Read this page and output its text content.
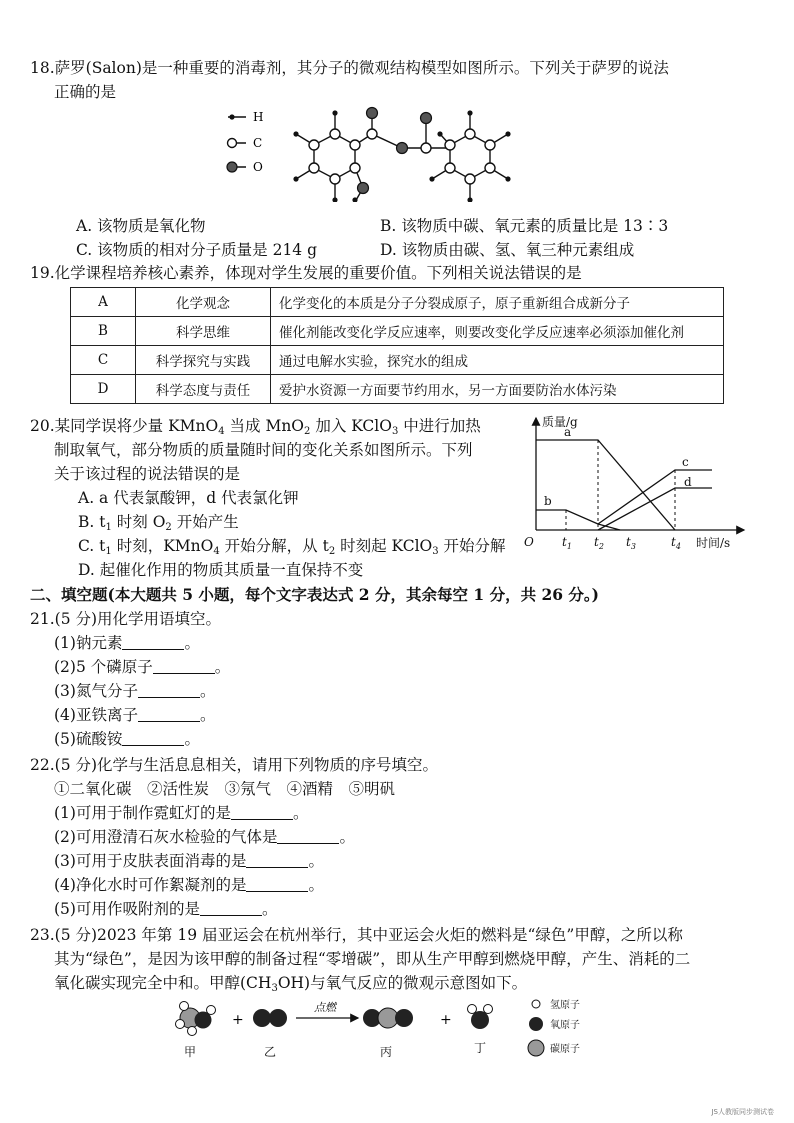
18.萨罗(Salon)是一种重要的消毒剂，其分子的微观结构模型如图所示。下列关于萨罗的说法
正确的是
H
C
O
A. 该物质是氧化物	B. 该物质中碳、氧元素的质量比是 13∶3
C. 该物质的相对分子质量是 214 g	D. 该物质由碳、氢、氧三种元素组成
19.化学课程培养核心素养，体现对学生发展的重要价值。下列相关说法错误的是
A	化学观念	化学变化的本质是分子分裂成原子，原子重新组合成新分子
B	科学思维	催化剂能改变化学反应速率，则要改变化学反应速率必须添加催化剂
C	科学探究与实践	通过电解水实验，探究水的组成
D	科学态度与责任	爱护水资源一方面要节约用水，另一方面要防治水体污染
20.某同学误将少量 KMnO$_4$ 当成 MnO$_2$ 加入 KClO$_3$ 中进行加热
制取氧气，部分物质的质量随时间的变化关系如图所示。下列
关于该过程的说法错误的是
A. a 代表氯酸钾，d 代表氯化钾
B. $t_1$ 时刻 $O_2$ 开始产生
C. $t_1$ 时刻，KMnO$_4$ 开始分解，从 $t_2$ 时刻起 KClO$_3$ 开始分解
D. 起催化作用的物质其质量一直保持不变
质量/g
时间/s
O $t_1$ $t_2$ $t_3$	$t_4$
a
b
c
d
二、填空题(本大题共 5 小题，每个文字表达式 2 分，其余每空 1 分，共 26 分。)
21.(5 分)用化学用语填空。
(1)钠元素	。
(2)5 个磷原子	。
(3)氮气分子	。
(4)亚铁离子	。
(5)硫酸铵	。
22.(5 分)化学与生活息息相关，请用下列物质的序号填空。
①二氧化碳　②活性炭　③氖气　④酒精　⑤明矾
(1)可用于制作霓虹灯的是	。
(2)可用澄清石灰水检验的气体是	。
(3)可用于皮肤表面消毒的是	。
(4)净化水时可作絮凝剂的是	。
(5)可用作吸附剂的是	。
23.(5 分)2023 年第 19 届亚运会在杭州举行，其中亚运会火炬的燃料是“绿色”甲醇，之所以称
其为“绿色”，是因为该甲醇的制备过程“零增碳”，即从生产甲醇到燃烧甲醇，产生、消耗的二
氧化碳实现完全中和。甲醇$(CH_3OH)$与氧气反应的微观示意图如下。
+
点燃
+
甲	乙	丙	丁
氢原子
氧原子
碳原子
JS人教版同步测试卷
